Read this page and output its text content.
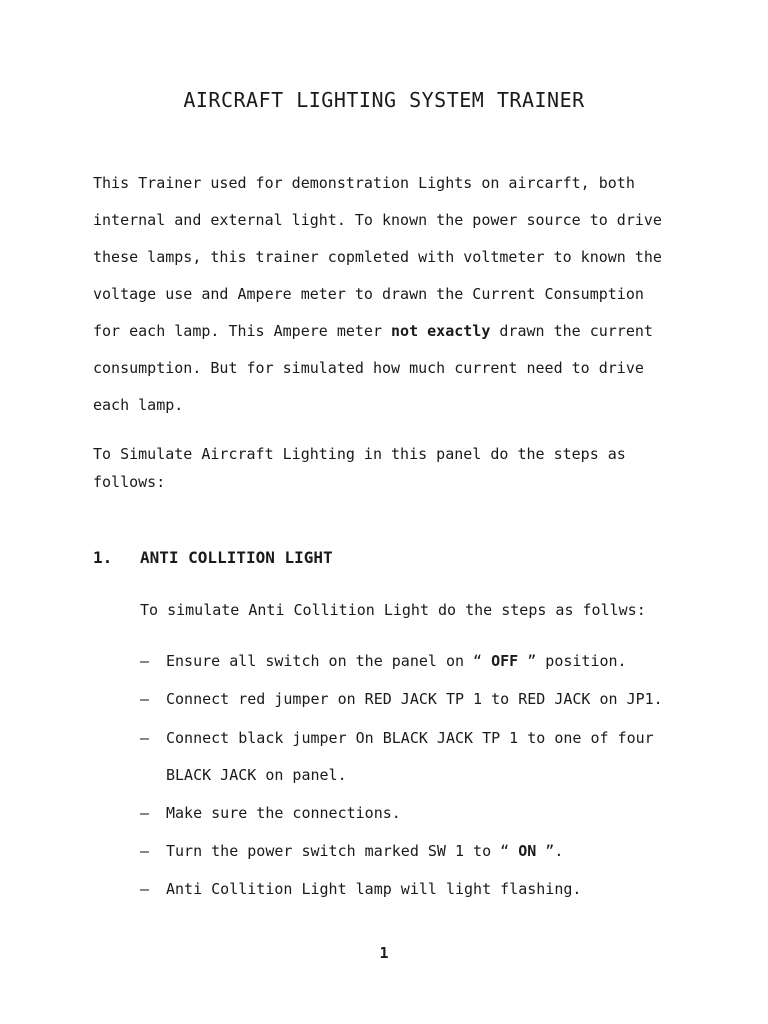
AIRCRAFT LIGHTING SYSTEM TRAINER
This Trainer used for demonstration Lights on aircarft, both
internal and external light. To known the power source to drive
these lamps, this trainer copmleted with voltmeter to known the
voltage use and Ampere meter to drawn the Current Consumption
for each lamp. This Ampere meter not exactly drawn the current
consumption. But for simulated how much current need to drive
each lamp.
To Simulate Aircraft Lighting in this panel do the steps as
follows:
1. ANTI COLLITION LIGHT
To simulate Anti Collition Light do the steps as follws:
– Ensure all switch on the panel on “ OFF ” position.
– Connect red jumper on RED JACK TP 1 to RED JACK on JP1.
– Connect black jumper On BLACK JACK TP 1 to one of four
BLACK JACK on panel.
– Make sure the connections.
– Turn the power switch marked SW 1 to “ ON ”.
– Anti Collition Light lamp will light flashing.
1
